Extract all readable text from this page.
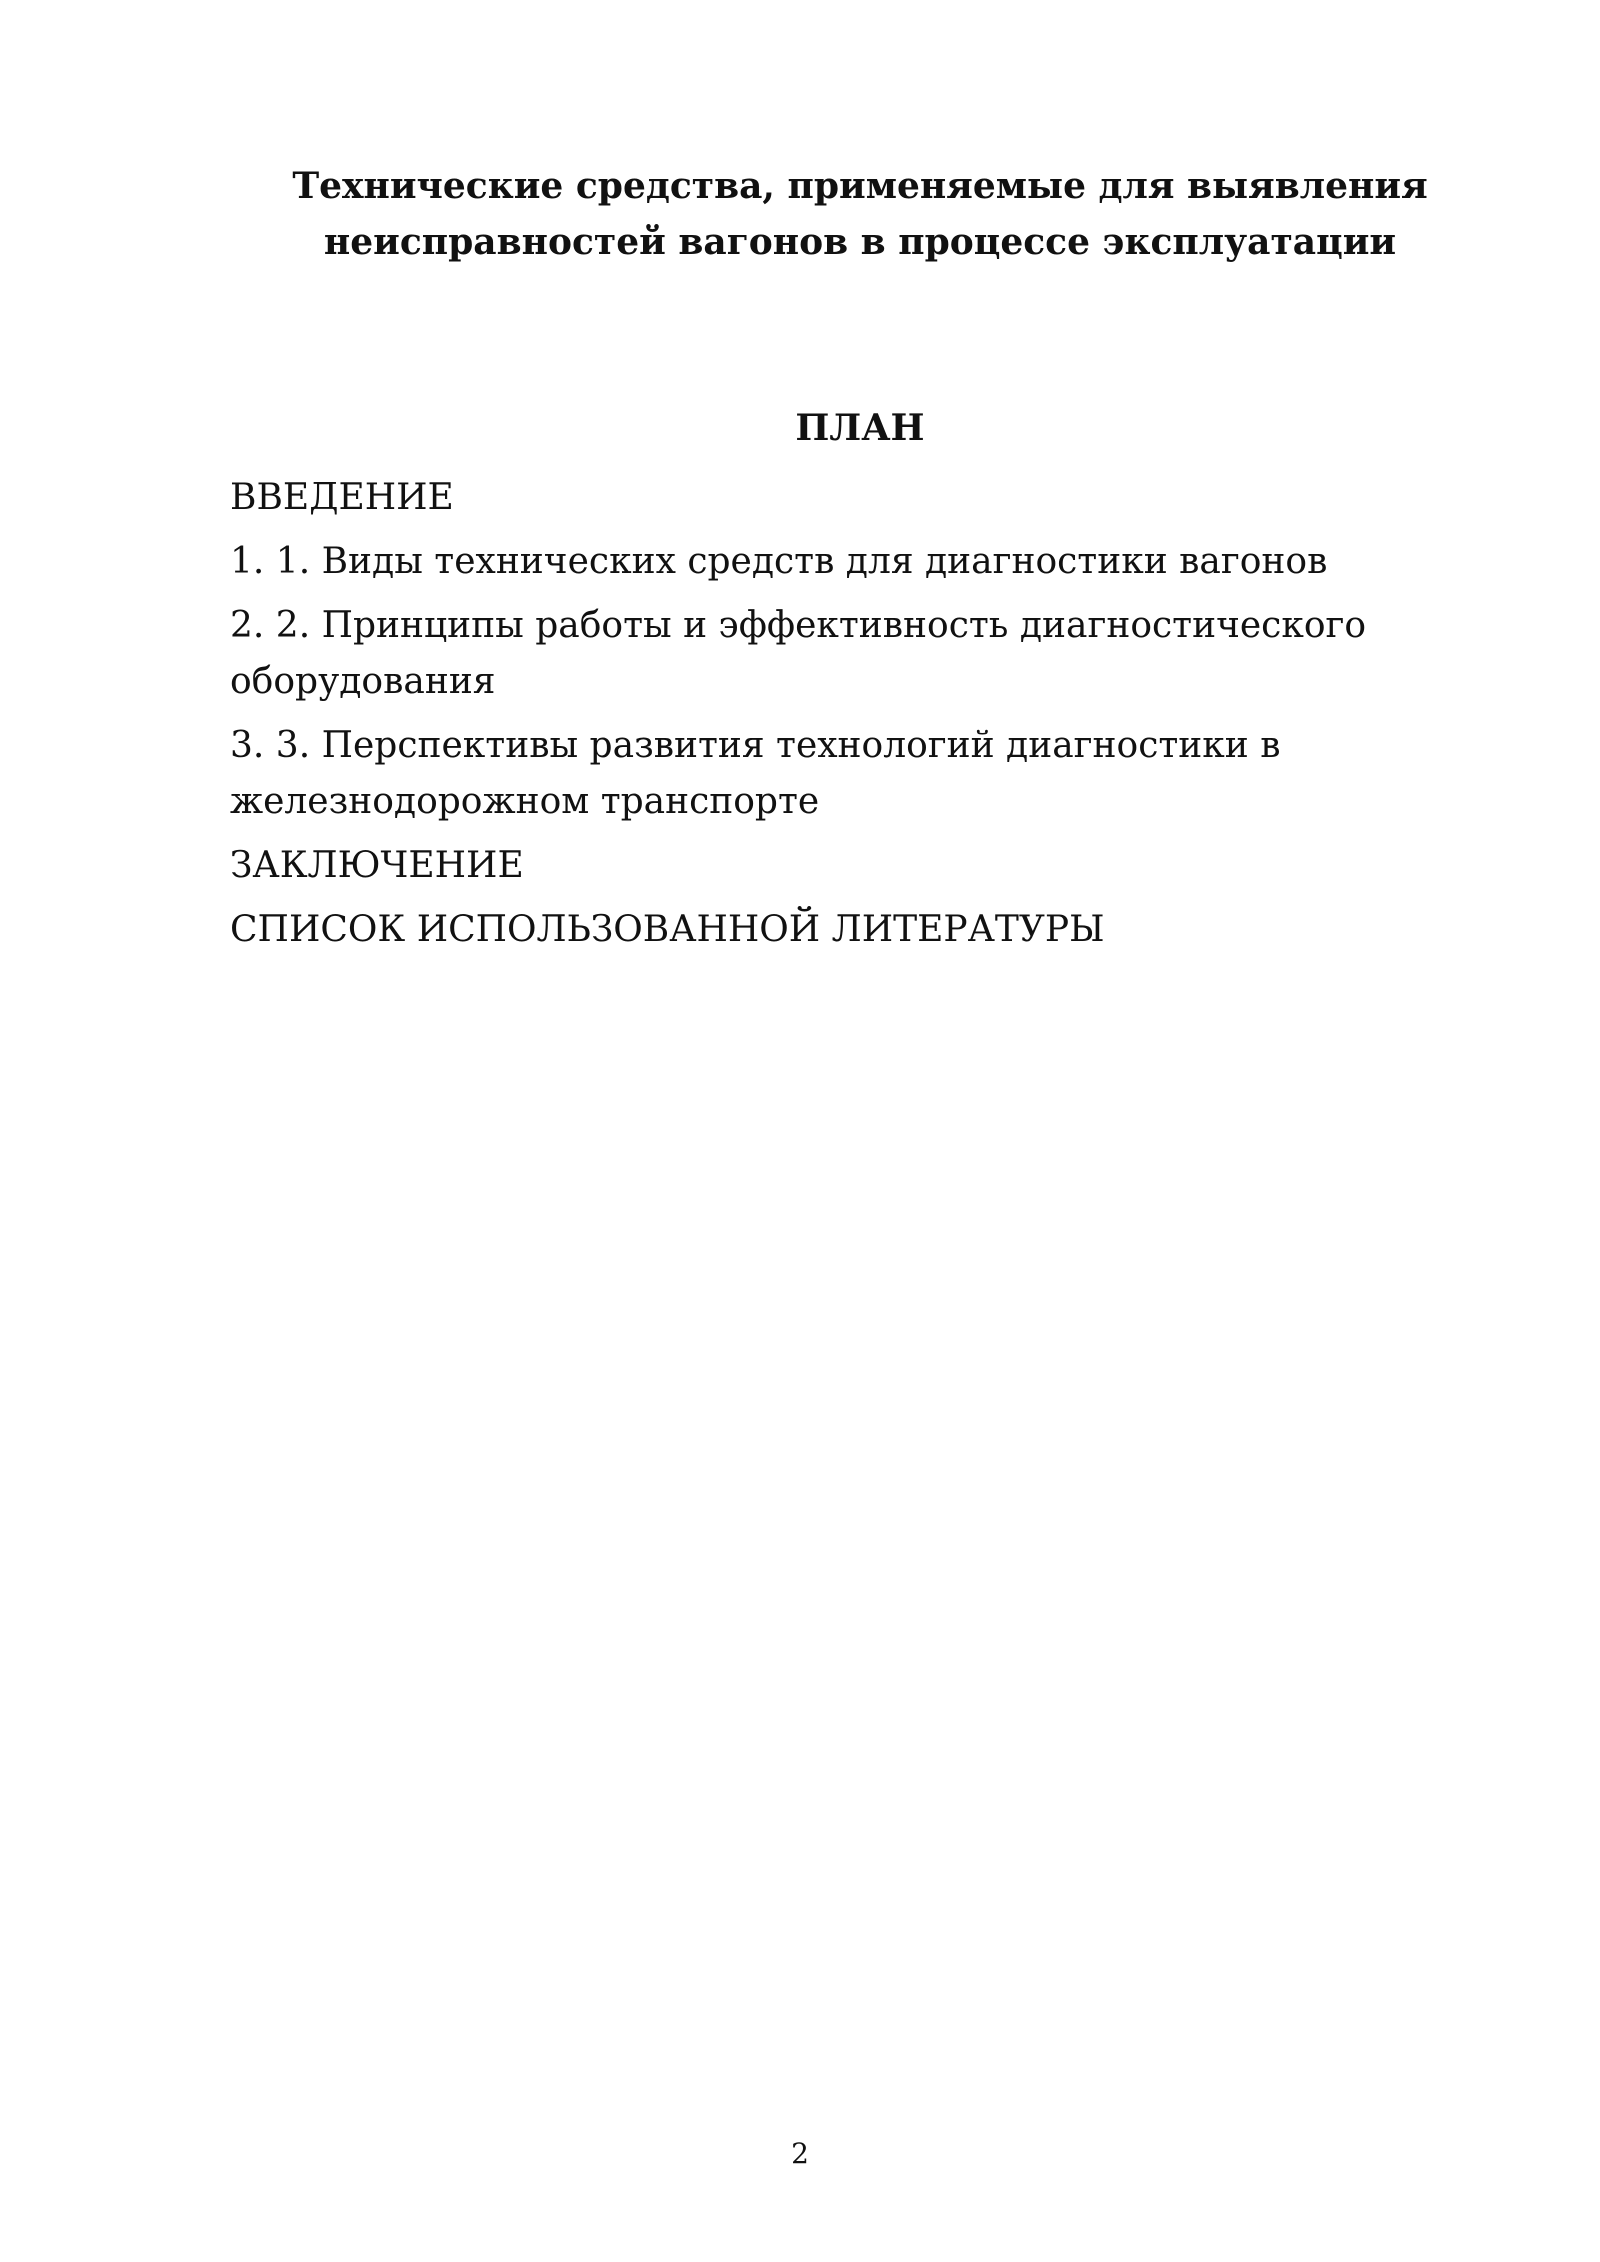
Технические средства, применяемые для выявления
неисправностей вагонов в процессе эксплуатации
ПЛАН
ВВЕДЕНИЕ
1. 1. Виды технических средств для диагностики вагонов
2. 2. Принципы работы и эффективность диагностического оборудования
3. 3. Перспективы развития технологий диагностики в железнодорожном транспорте
ЗАКЛЮЧЕНИЕ
СПИСОК ИСПОЛЬЗОВАННОЙ ЛИТЕРАТУРЫ
2
